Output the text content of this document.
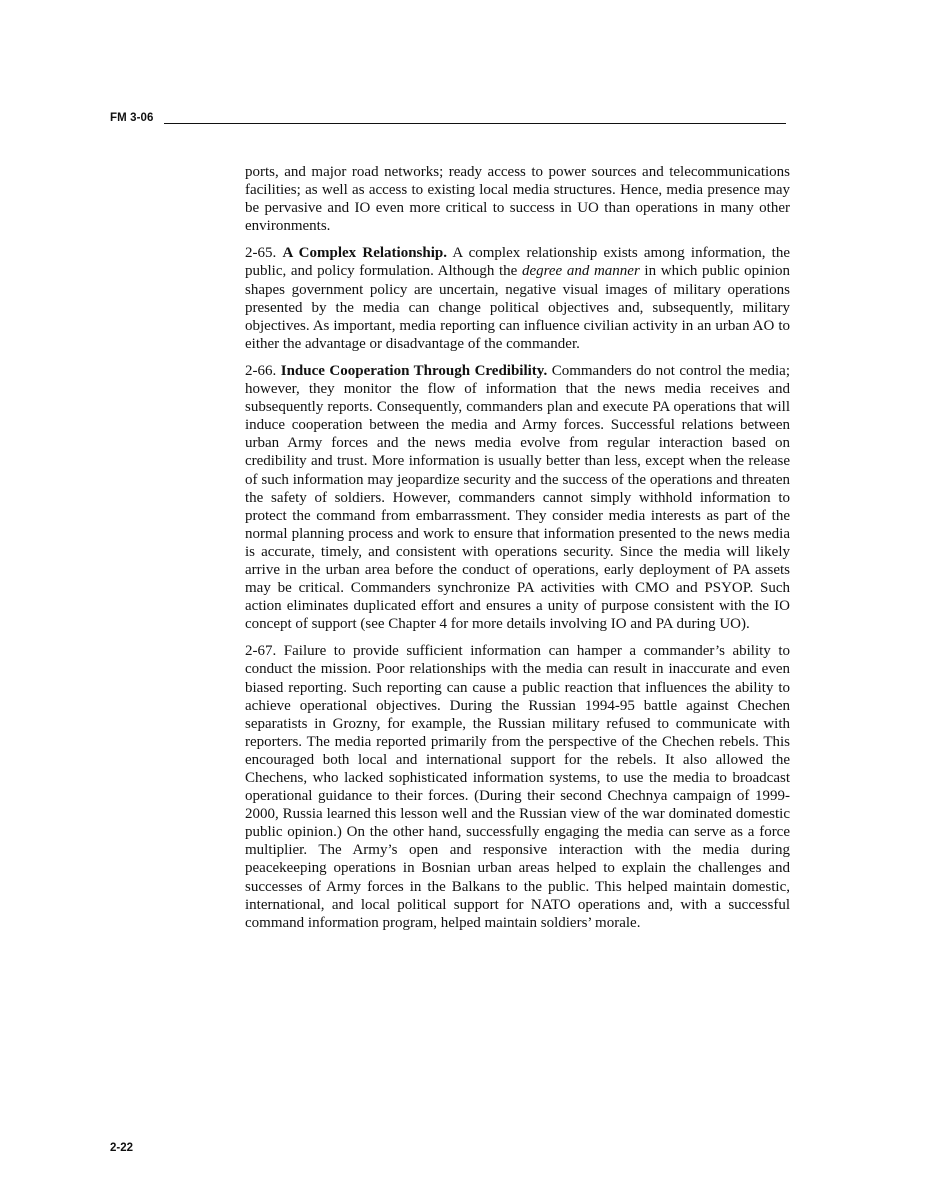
FM 3-06

ports, and major road networks; ready access to power sources and telecommunications facilities; as well as access to existing local media structures. Hence, media presence may be pervasive and IO even more critical to success in UO than operations in many other environments.

2-65. A Complex Relationship. A complex relationship exists among information, the public, and policy formulation. Although the degree and manner in which public opinion shapes government policy are uncertain, negative visual images of military operations presented by the media can change political objectives and, subsequently, military objectives. As important, media reporting can influence civilian activity in an urban AO to either the advantage or disadvantage of the commander.

2-66. Induce Cooperation Through Credibility. Commanders do not control the media; however, they monitor the flow of information that the news media receives and subsequently reports. Consequently, commanders plan and execute PA operations that will induce cooperation between the media and Army forces. Successful relations between urban Army forces and the news media evolve from regular interaction based on credibility and trust. More information is usually better than less, except when the release of such information may jeopardize security and the success of the operations and threaten the safety of soldiers. However, commanders cannot simply withhold information to protect the command from embarrassment. They consider media interests as part of the normal planning process and work to ensure that information presented to the news media is accurate, timely, and consistent with operations security. Since the media will likely arrive in the urban area before the conduct of operations, early deployment of PA assets may be critical. Commanders synchronize PA activities with CMO and PSYOP. Such action eliminates duplicated effort and ensures a unity of purpose consistent with the IO concept of support (see Chapter 4 for more details involving IO and PA during UO).

2-67. Failure to provide sufficient information can hamper a commander’s ability to conduct the mission. Poor relationships with the media can result in inaccurate and even biased reporting. Such reporting can cause a public reaction that influences the ability to achieve operational objectives. During the Russian 1994-95 battle against Chechen separatists in Grozny, for example, the Russian military refused to communicate with reporters. The media reported primarily from the perspective of the Chechen rebels. This encouraged both local and international support for the rebels. It also allowed the Chechens, who lacked sophisticated information systems, to use the media to broadcast operational guidance to their forces. (During their second Chechnya campaign of 1999-2000, Russia learned this lesson well and the Russian view of the war dominated domestic public opinion.) On the other hand, successfully engaging the media can serve as a force multiplier. The Army’s open and responsive interaction with the media during peacekeeping operations in Bosnian urban areas helped to explain the challenges and successes of Army forces in the Balkans to the public. This helped maintain domestic, international, and local political support for NATO operations and, with a successful command information program, helped maintain soldiers’ morale.

2-22
